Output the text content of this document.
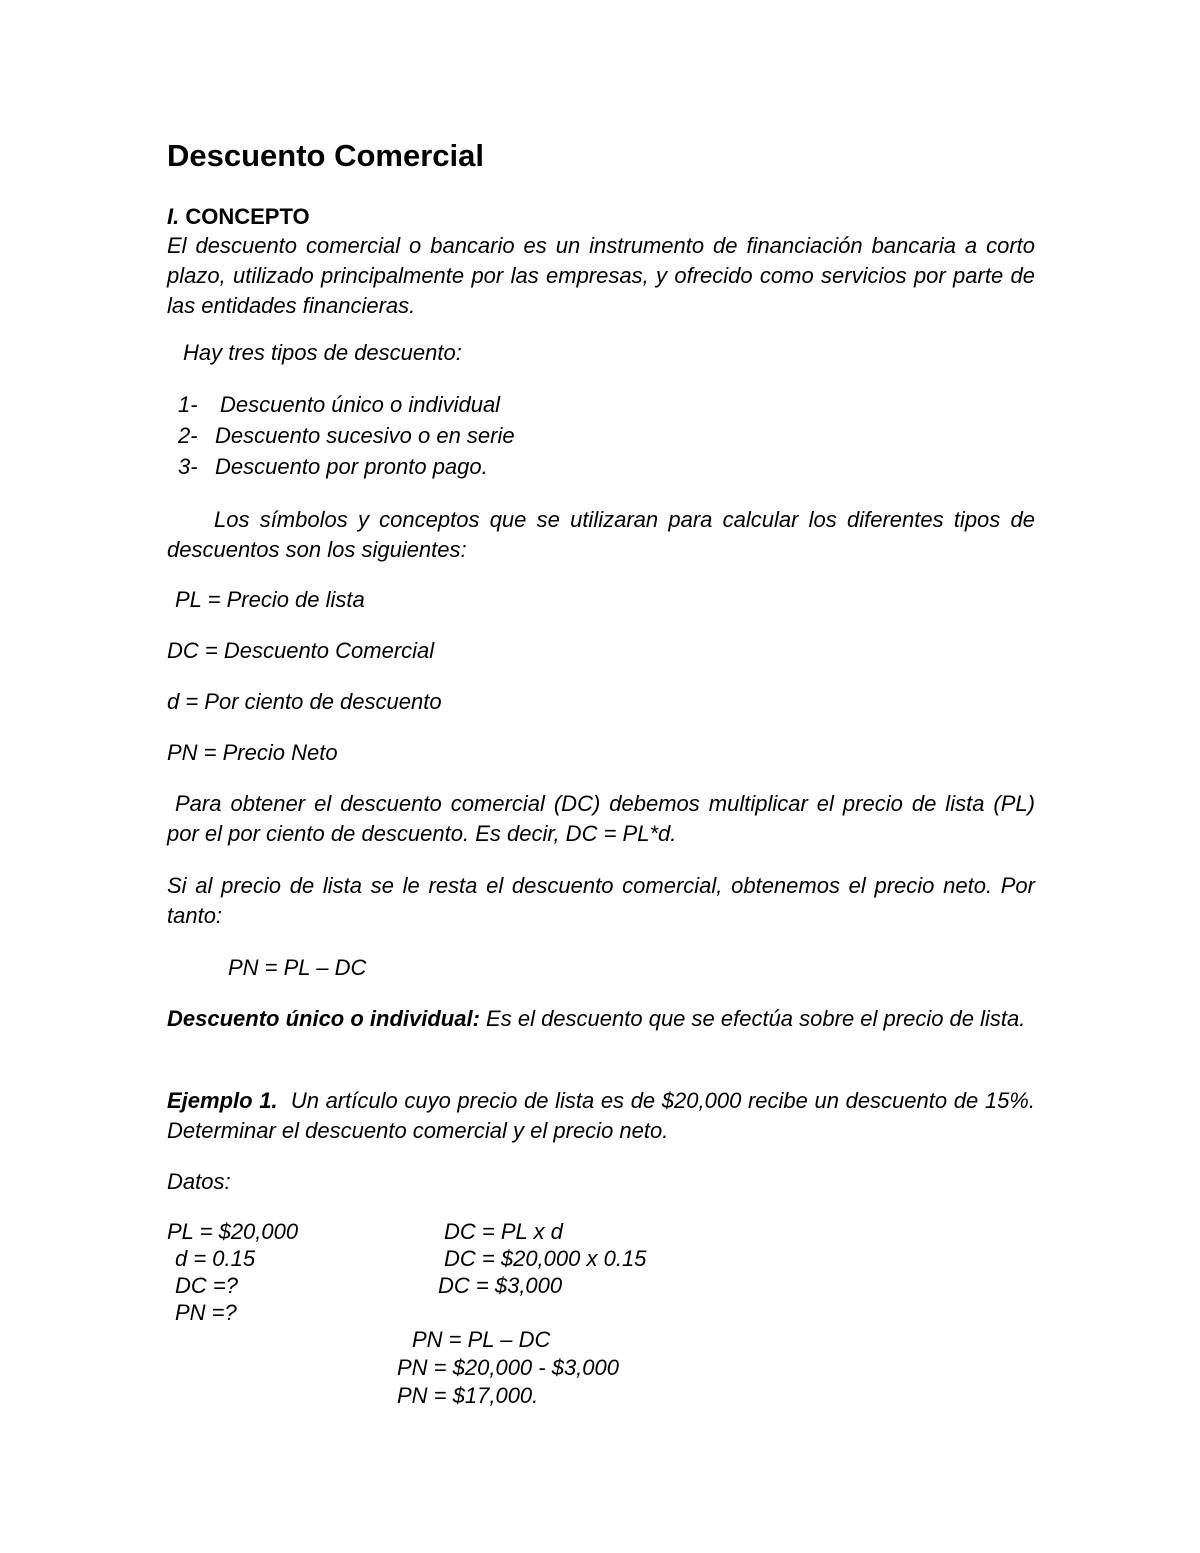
Descuento Comercial
I. CONCEPTO
El descuento comercial o bancario es un instrumento de financiación bancaria a corto plazo, utilizado principalmente por las empresas, y ofrecido como servicios por parte de las entidades financieras.
Hay tres tipos de descuento:
1- Descuento único o individual
2- Descuento sucesivo o en serie
3- Descuento por pronto pago.
Los símbolos y conceptos que se utilizaran para calcular los diferentes tipos de descuentos son los siguientes:
PL = Precio de lista
DC = Descuento Comercial
d = Por ciento de descuento
PN = Precio Neto
Para obtener el descuento comercial (DC) debemos multiplicar el precio de lista (PL) por el por ciento de descuento. Es decir, DC = PL*d.
Si al precio de lista se le resta el descuento comercial, obtenemos el precio neto. Por tanto:
PN = PL – DC
Descuento único o individual: Es el descuento que se efectúa sobre el precio de lista.
Ejemplo 1. Un artículo cuyo precio de lista es de $20,000 recibe un descuento de 15%. Determinar el descuento comercial y el precio neto.
Datos:
PL = $20,000
d = 0.15
DC =?
PN =?
DC = PL x d
DC = $20,000 x 0.15
DC = $3,000
PN = PL – DC
PN = $20,000 - $3,000
PN = $17,000.
